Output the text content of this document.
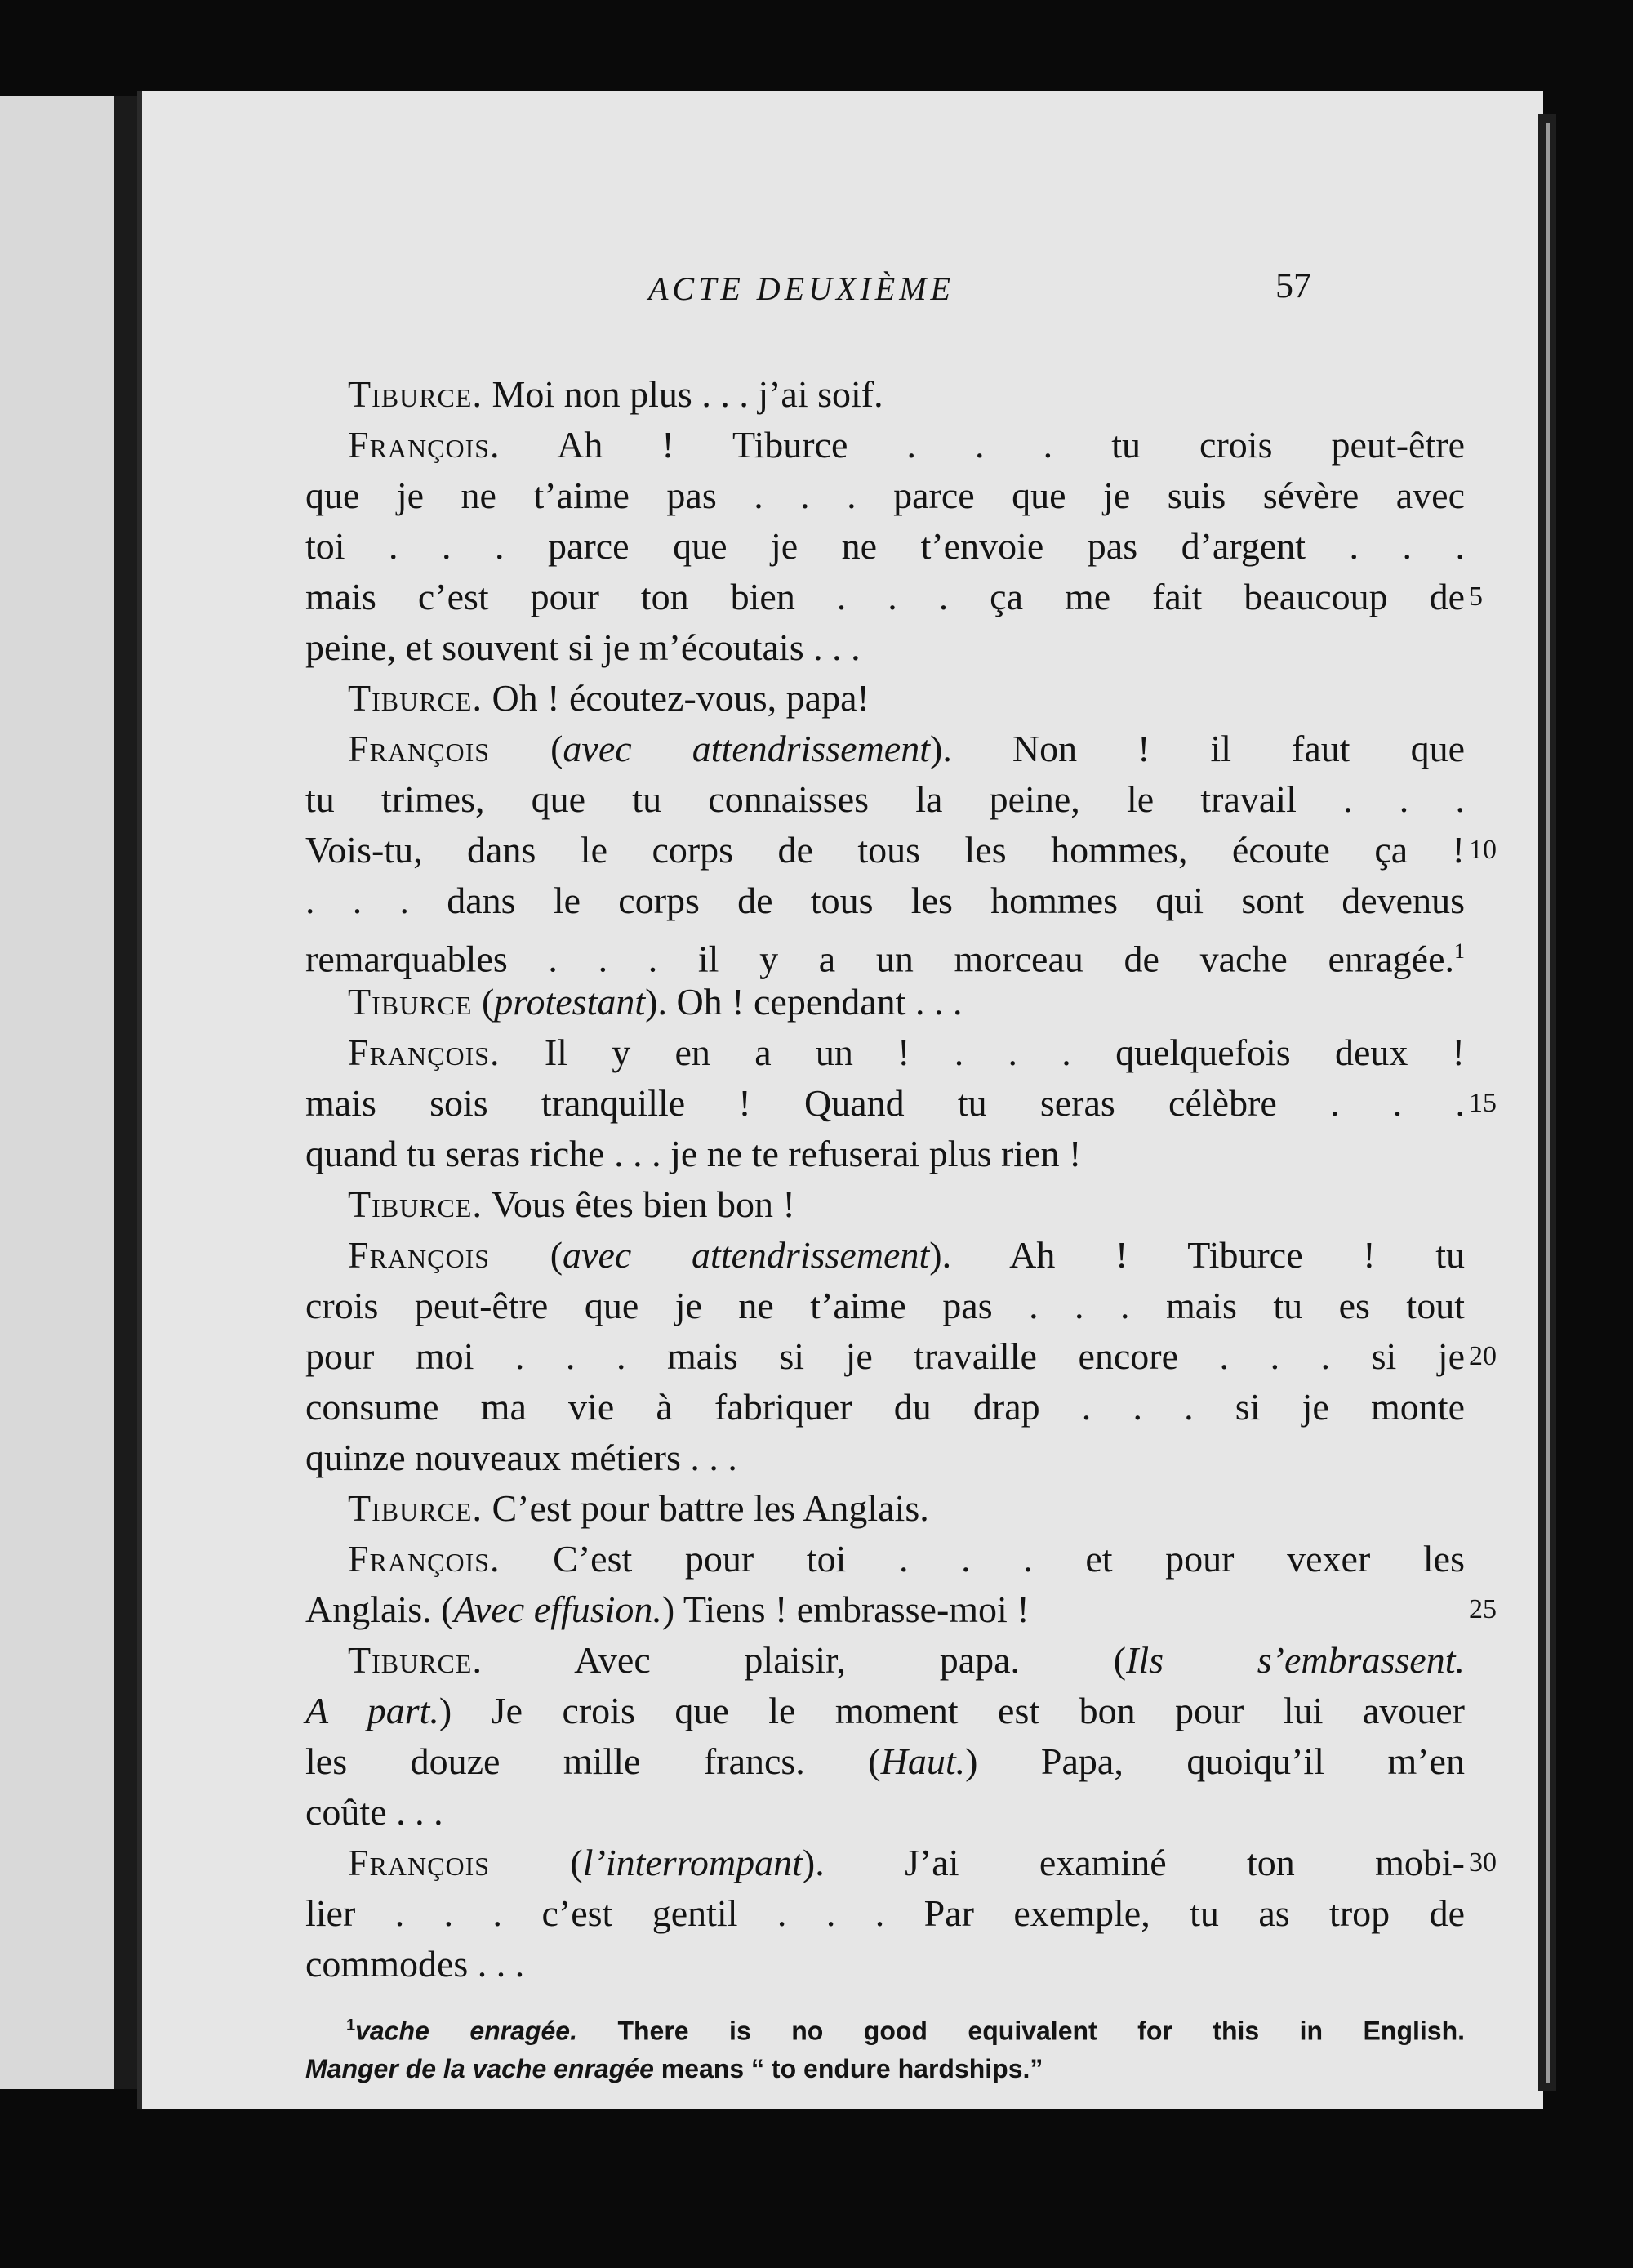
ACTE DEUXIÈME	57
Tiburce. Moi non plus . . . j’ai soif.
François. Ah ! Tiburce . . . tu crois peut-être
que je ne t’aime pas . . . parce que je suis sévère avec
toi . . . parce que je ne t’envoie pas d’argent . . .
mais c’est pour ton bien . . . ça me fait beaucoup de 5
peine, et souvent si je m’écoutais . . .
Tiburce. Oh ! écoutez-vous, papa!
François (avec attendrissement). Non ! il faut que
tu trimes, que tu connaisses la peine, le travail . . .
Vois-tu, dans le corps de tous les hommes, écoute ça ! 10
. . . dans le corps de tous les hommes qui sont devenus
remarquables . . . il y a un morceau de vache enragée.$^1$
Tiburce (protestant). Oh ! cependant . . .
François. Il y en a un ! . . . quelquefois deux !
mais sois tranquille ! Quand tu seras célèbre . . . 15
quand tu seras riche . . . je ne te refuserai plus rien !
Tiburce. Vous êtes bien bon !
François (avec attendrissement). Ah ! Tiburce ! tu
crois peut-être que je ne t’aime pas . . . mais tu es tout
pour moi . . . mais si je travaille encore . . . si je 20
consume ma vie à fabriquer du drap . . . si je monte
quinze nouveaux métiers . . .
Tiburce. C’est pour battre les Anglais.
François. C’est pour toi . . . et pour vexer les
Anglais. (Avec effusion.) Tiens ! embrasse-moi !	25
Tiburce. Avec plaisir, papa. (Ils s’embrassent.
A part.) Je crois que le moment est bon pour lui avouer
les douze mille francs. (Haut.) Papa, quoiqu’il m’en
coûte . . .
François (l’interrompant). J’ai examiné ton mobi- 30
lier . . . c’est gentil . . . Par exemple, tu as trop de
commodes . . .
$^1$vache enragée. There is no good equivalent for this in English.
Manger de la vache enragée means “ to endure hardships.”
